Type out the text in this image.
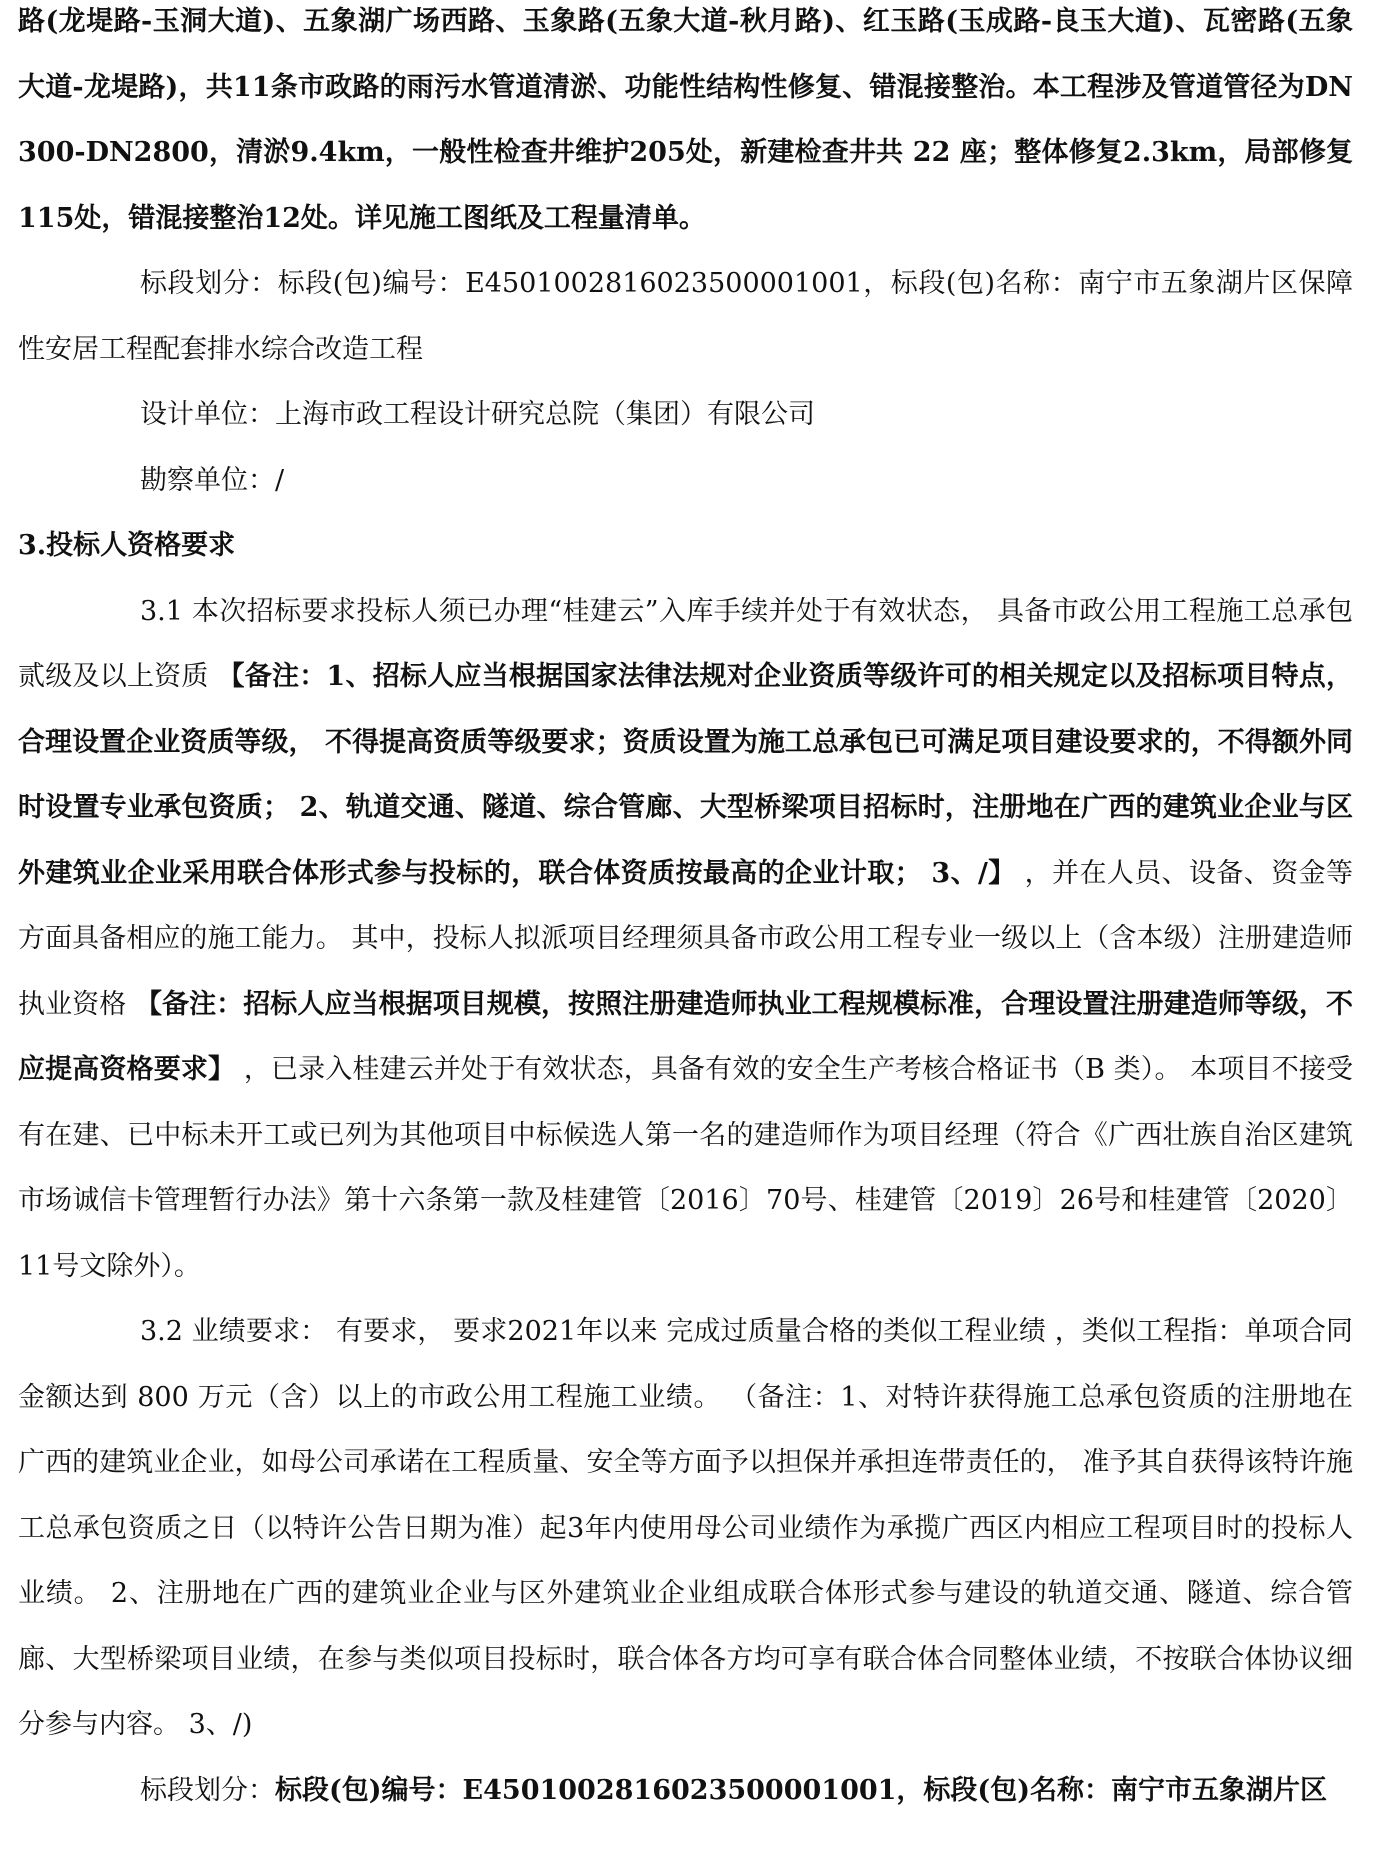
路(龙堤路-玉洞大道)、五象湖广场西路、玉象路(五象大道-秋月路)、红玉路(玉成路-良玉大道)、瓦密路(五象大道-龙堤路)，共11条市政路的雨污水管道清淤、功能性结构性修复、错混接整治。本工程涉及管道管径为DN300-DN2800，清淤9.4km，一般性检查井维护205处，新建检查井共 22 座；整体修复2.3km，局部修复115处，错混接整治12处。详见施工图纸及工程量清单。

标段划分：标段(包)编号：E4501002816023500001001，标段(包)名称：南宁市五象湖片区保障性安居工程配套排水综合改造工程

设计单位：上海市政工程设计研究总院（集团）有限公司

勘察单位：/

3.投标人资格要求

3.1 本次招标要求投标人须已办理“桂建云”入库手续并处于有效状态， 具备市政公用工程施工总承包贰级及以上资质 【备注：1、招标人应当根据国家法律法规对企业资质等级许可的相关规定以及招标项目特点，合理设置企业资质等级， 不得提高资质等级要求；资质设置为施工总承包已可满足项目建设要求的，不得额外同时设置专业承包资质； 2、轨道交通、隧道、综合管廊、大型桥梁项目招标时，注册地在广西的建筑业企业与区外建筑业企业采用联合体形式参与投标的，联合体资质按最高的企业计取； 3、/】 ，并在人员、设备、资金等方面具备相应的施工能力。 其中，投标人拟派项目经理须具备市政公用工程专业一级以上（含本级）注册建造师执业资格 【备注：招标人应当根据项目规模，按照注册建造师执业工程规模标准，合理设置注册建造师等级，不应提高资格要求】 ，已录入桂建云并处于有效状态，具备有效的安全生产考核合格证书（B 类）。 本项目不接受有在建、已中标未开工或已列为其他项目中标候选人第一名的建造师作为项目经理（符合《广西壮族自治区建筑市场诚信卡管理暂行办法》第十六条第一款及桂建管〔2016〕70号、桂建管〔2019〕26号和桂建管〔2020〕11号文除外）。

3.2 业绩要求： 有要求， 要求2021年以来 完成过质量合格的类似工程业绩 ，类似工程指：单项合同金额达到 800 万元（含）以上的市政公用工程施工业绩。 （备注：1、对特许获得施工总承包资质的注册地在广西的建筑业企业，如母公司承诺在工程质量、安全等方面予以担保并承担连带责任的， 准予其自获得该特许施工总承包资质之日（以特许公告日期为准）起3年内使用母公司业绩作为承揽广西区内相应工程项目时的投标人业绩。 2、注册地在广西的建筑业企业与区外建筑业企业组成联合体形式参与建设的轨道交通、隧道、综合管廊、大型桥梁项目业绩，在参与类似项目投标时，联合体各方均可享有联合体合同整体业绩，不按联合体协议细分参与内容。 3、/)

标段划分：标段(包)编号：E4501002816023500001001，标段(包)名称：南宁市五象湖片区
